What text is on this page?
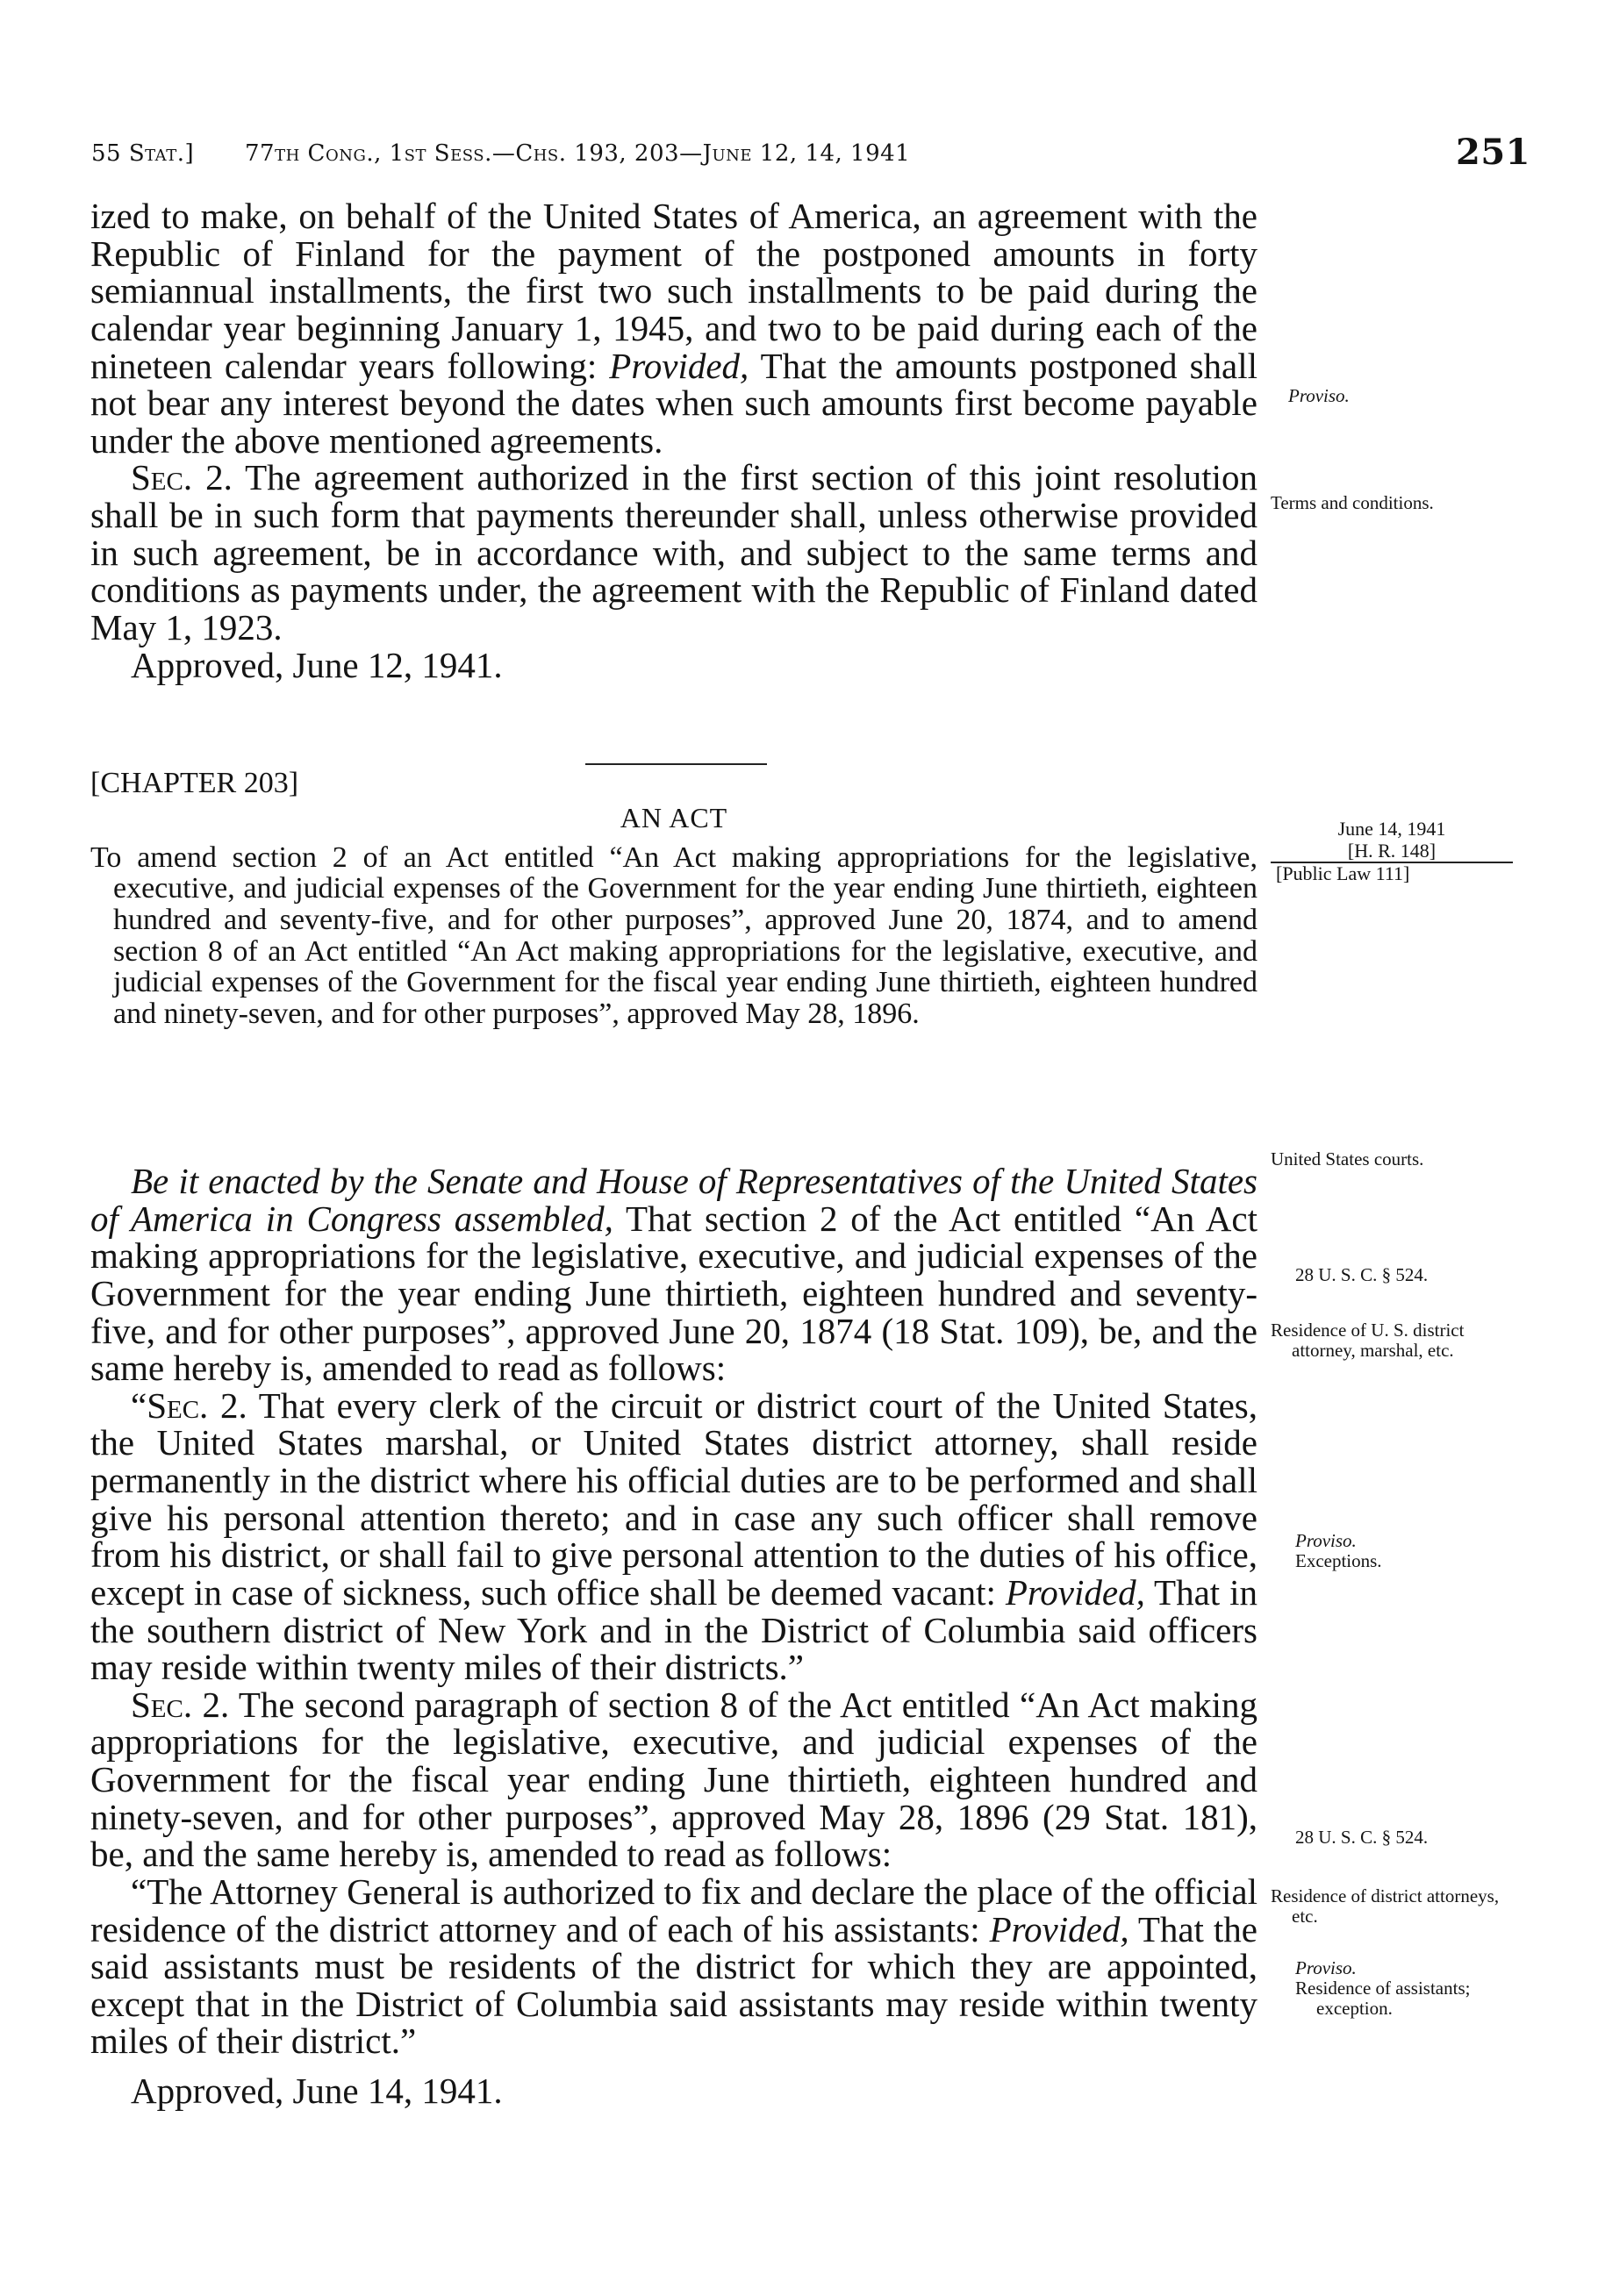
55 Stat.] 77th Cong., 1st Sess.—Chs. 193, 203—June 12, 14, 1941	251

ized to make, on behalf of the United States of America, an agreement with the Republic of Finland for the payment of the postponed amounts in forty semiannual installments, the first two such installments to be paid during the calendar year beginning January 1, 1945, and two to be paid during each of the nineteen calendar years following: Provided, That the amounts postponed shall not bear any interest beyond the dates when such amounts first become payable under the above mentioned agreements.

Sec. 2. The agreement authorized in the first section of this joint resolution shall be in such form that payments thereunder shall, unless otherwise provided in such agreement, be in accordance with, and subject to the same terms and conditions as payments under, the agreement with the Republic of Finland dated May 1, 1923.

Approved, June 12, 1941.

[CHAPTER 203]

AN ACT

To amend section 2 of an Act entitled “An Act making appropriations for the legislative, executive, and judicial expenses of the Government for the year ending June thirtieth, eighteen hundred and seventy-five, and for other purposes”, approved June 20, 1874, and to amend section 8 of an Act entitled “An Act making appropriations for the legislative, executive, and judicial expenses of the Government for the fiscal year ending June thirtieth, eighteen hundred and ninety-seven, and for other purposes”, approved May 28, 1896.

Be it enacted by the Senate and House of Representatives of the United States of America in Congress assembled, That section 2 of the Act entitled “An Act making appropriations for the legislative, executive, and judicial expenses of the Government for the year ending June thirtieth, eighteen hundred and seventy-five, and for other purposes”, approved June 20, 1874 (18 Stat. 109), be, and the same hereby is, amended to read as follows:

“Sec. 2. That every clerk of the circuit or district court of the United States, the United States marshal, or United States district attorney, shall reside permanently in the district where his official duties are to be performed and shall give his personal attention thereto; and in case any such officer shall remove from his district, or shall fail to give personal attention to the duties of his office, except in case of sickness, such office shall be deemed vacant: Provided, That in the southern district of New York and in the District of Columbia said officers may reside within twenty miles of their districts.”

Sec. 2. The second paragraph of section 8 of the Act entitled “An Act making appropriations for the legislative, executive, and judicial expenses of the Government for the fiscal year ending June thirtieth, eighteen hundred and ninety-seven, and for other purposes”, approved May 28, 1896 (29 Stat. 181), be, and the same hereby is, amended to read as follows:

“The Attorney General is authorized to fix and declare the place of the official residence of the district attorney and of each of his assistants: Provided, That the said assistants must be residents of the district for which they are appointed, except that in the District of Columbia said assistants may reside within twenty miles of their district.”

Approved, June 14, 1941.

Proviso.
Terms and conditions.
June 14, 1941
[H. R. 148]
[Public Law 111]
United States courts.
28 U. S. C. § 524.
Residence of U. S. district attorney, marshal, etc.
Proviso.
Exceptions.
28 U. S. C. § 524.
Residence of district attorneys, etc.
Proviso.
Residence of assistants; exception.
